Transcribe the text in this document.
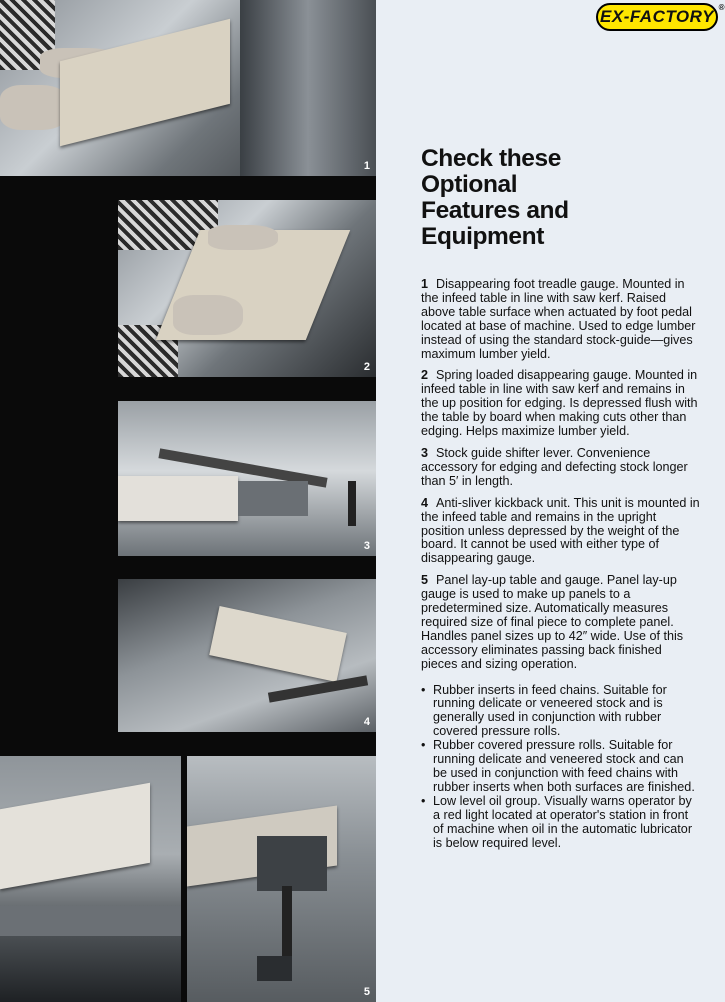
1
2
3
4
5
EX-FACTORY ®
Check these Optional Features and Equipment
1 Disappearing foot treadle gauge. Mounted in the infeed table in line with saw kerf. Raised above table surface when actuated by foot pedal located at base of machine. Used to edge lumber instead of using the standard stock-guide—gives maximum lumber yield.
2 Spring loaded disappearing gauge. Mounted in infeed table in line with saw kerf and remains in the up position for edging. Is depressed flush with the table by board when making cuts other than edging. Helps maximize lumber yield.
3 Stock guide shifter lever. Convenience accessory for edging and defecting stock longer than 5′ in length.
4 Anti-sliver kickback unit. This unit is mounted in the infeed table and remains in the upright position unless depressed by the weight of the board. It cannot be used with either type of disappearing gauge.
5 Panel lay-up table and gauge. Panel lay-up gauge is used to make up panels to a predetermined size. Automatically measures required size of final piece to complete panel. Handles panel sizes up to 42″ wide. Use of this accessory eliminates passing back finished pieces and sizing operation.
• Rubber inserts in feed chains. Suitable for running delicate or veneered stock and is generally used in conjunction with rubber covered pressure rolls.
• Rubber covered pressure rolls. Suitable for running delicate and veneered stock and can be used in conjunction with feed chains with rubber inserts when both surfaces are finished.
• Low level oil group. Visually warns operator by a red light located at operator's station in front of machine when oil in the automatic lubricator is below required level.
